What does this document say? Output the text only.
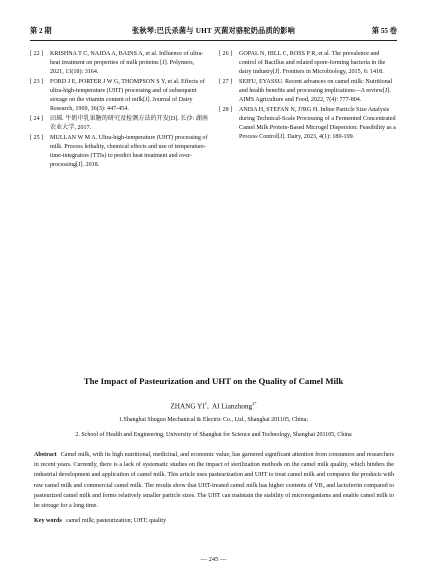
第 2 期	张秋琴:巴氏杀菌与 UHT 灭菌对骆驼奶品质的影响	第 55 卷
[ 22 ] KRISHNA T C, NAJDA A, BAINS A, et al. Influence of ultra-heat treatment on properties of milk proteins [J]. Polymers, 2021, 13(18): 3164.
[ 23 ] FORD J E, PORTER J W G, THOMPSON S Y, et al. Effects of ultra-high-temperature (UHT) processing and of subsequent storage on the vitamin content of milk[J]. Journal of Dairy Research, 1969, 36(3): 447-454.
[ 24 ] 田瑶. 牛奶中乳果糖的研究及检测方法的开发[D]. 长沙: 湖南农业大学, 2017.
[ 25 ] MULLAN W M A. Ultra-high-temperature (UHT) processing of milk. Process lethality, chemical effects and use of temperature-time-integrators (TTIs) to predict heat treatment and over-processing[J]. 2018.
[ 26 ] GOPAL N, HILL C, ROSS P R, et al. The prevalence and control of Bacillus and related spore-forming bacteria in the dairy industry[J]. Frontiers in Microbiology, 2015, 6: 1418.
[ 27 ] SEIFU, EYASSU. Recent advances on camel milk: Nutritional and health benefits and processing implications—A review[J]. AIMS Agriculture and Food, 2022, 7(4): 777-804.
[ 28 ] ANISA H, STEFAN N, J?RG H. Inline Particle Size Analysis during Technical-Scale Processing of a Fermented Concentrated Camel Milk Protein-Based Microgel Dispersion: Feasibility as a Process Control[J]. Dairy, 2023, 4(1): 180-199.
The Impact of Pasteurization and UHT on the Quality of Camel Milk
ZHANG $YI^1$,  AI Lianzhong$^{2*}$
1.Shanghai Shuguo Mechanical & Electric Co., Ltd., Shanghai 201105, China;
2. School of Health and Engineering, University of Shanghai for Science and Technology, Shanghai 201105, China
Abstract Camel milk, with its high nutritional, medicinal, and economic value, has garnered significant attention from consumers and researchers in recent years. Currently, there is a lack of systematic studies on the impact of sterilization methods on the camel milk quality, which hinders the industrial development and application of camel milk. This article uses pasteurization and UHT to treat camel milk and compares the products with raw camel milk and commercial camel milk. The results show that UHT-treated camel milk has higher contents of VB₂ and lactoferrin compared to pasteurized camel milk and forms relatively smaller particle sizes. The UHT can maintain the stability of microorganisms and enable camel milk to be storage for a long time.
Key words camel milk; pasteurization; UHT; quality
— 245 —
